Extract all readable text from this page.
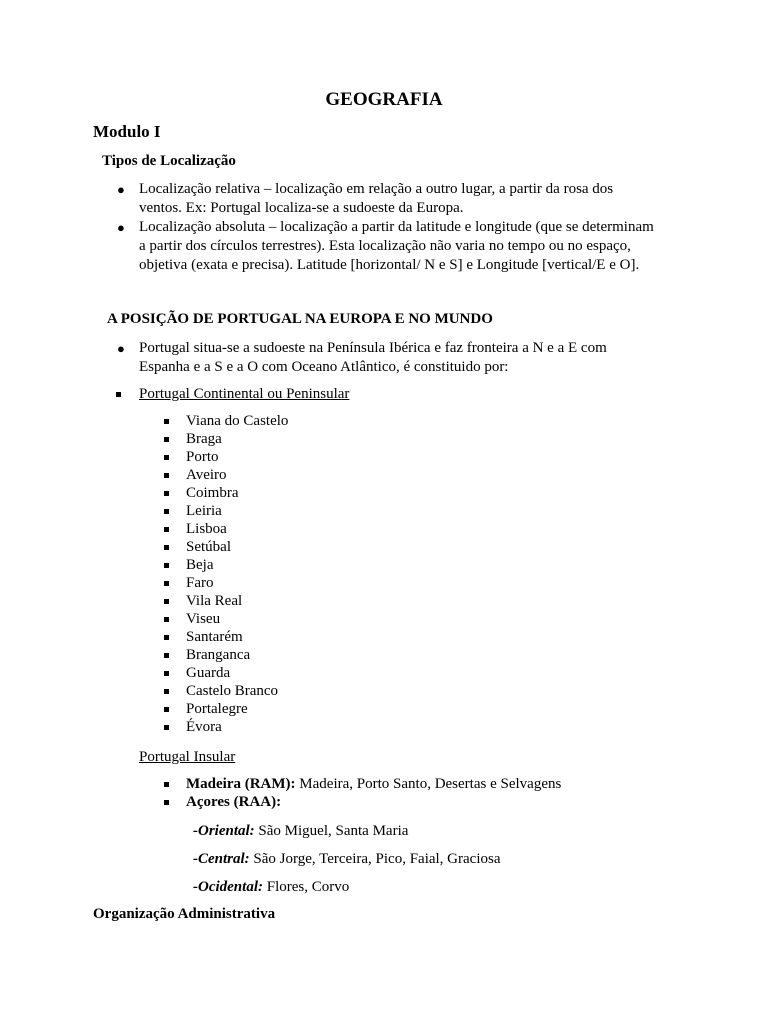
GEOGRAFIA
Modulo I
Tipos de Localização
● Localização relativa – localização em relação a outro lugar, a partir da rosa dos
ventos. Ex: Portugal localiza-se a sudoeste da Europa.
● Localização absoluta – localização a partir da latitude e longitude (que se determinam
a partir dos círculos terrestres). Esta localização não varia no tempo ou no espaço,
objetiva (exata e precisa). Latitude [horizontal/ N e S] e Longitude [vertical/E e O].
A POSIÇÃO DE PORTUGAL NA EUROPA E NO MUNDO
● Portugal situa-se a sudoeste na Península Ibérica e faz fronteira a N e a E com
Espanha e a S e a O com Oceano Atlântico, é constituido por:
Portugal Continental ou Peninsular
Viana do Castelo
Braga
Porto
Aveiro
Coimbra
Leiria
Lisboa
Setúbal
Beja
Faro
Vila Real
Viseu
Santarém
Branganca
Guarda
Castelo Branco
Portalegre
Évora
Portugal Insular
Madeira (RAM): Madeira, Porto Santo, Desertas e Selvagens
Açores (RAA):
-Oriental: São Miguel, Santa Maria
-Central: São Jorge, Terceira, Pico, Faial, Graciosa
-Ocidental: Flores, Corvo
Organização Administrativa
